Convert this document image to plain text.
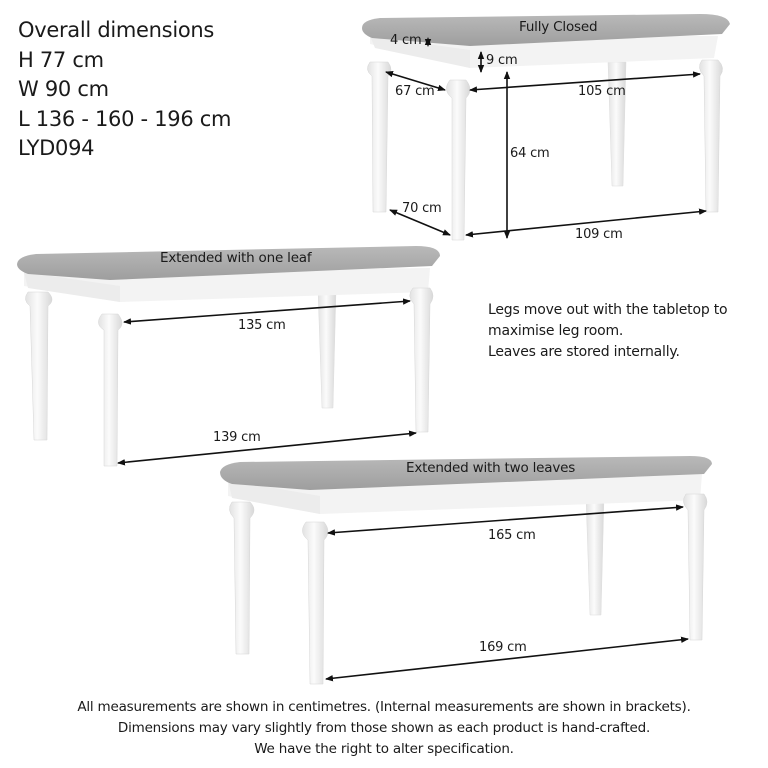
Overall dimensions
H 77 cm
W 90 cm
L 136 - 160 - 196 cm
LYD094
Fully Closed
4 cm
9 cm
67 cm	105 cm
64 cm
70 cm
109 cm
Extended with one leaf
135 cm
139 cm
Extended with two leaves
165 cm
169 cm
Legs move out with the tabletop to
maximise leg room.
Leaves are stored internally.
All measurements are shown in centimetres. (Internal measurements are shown in brackets).
Dimensions may vary slightly from those shown as each product is hand-crafted.
We have the right to alter specification.
